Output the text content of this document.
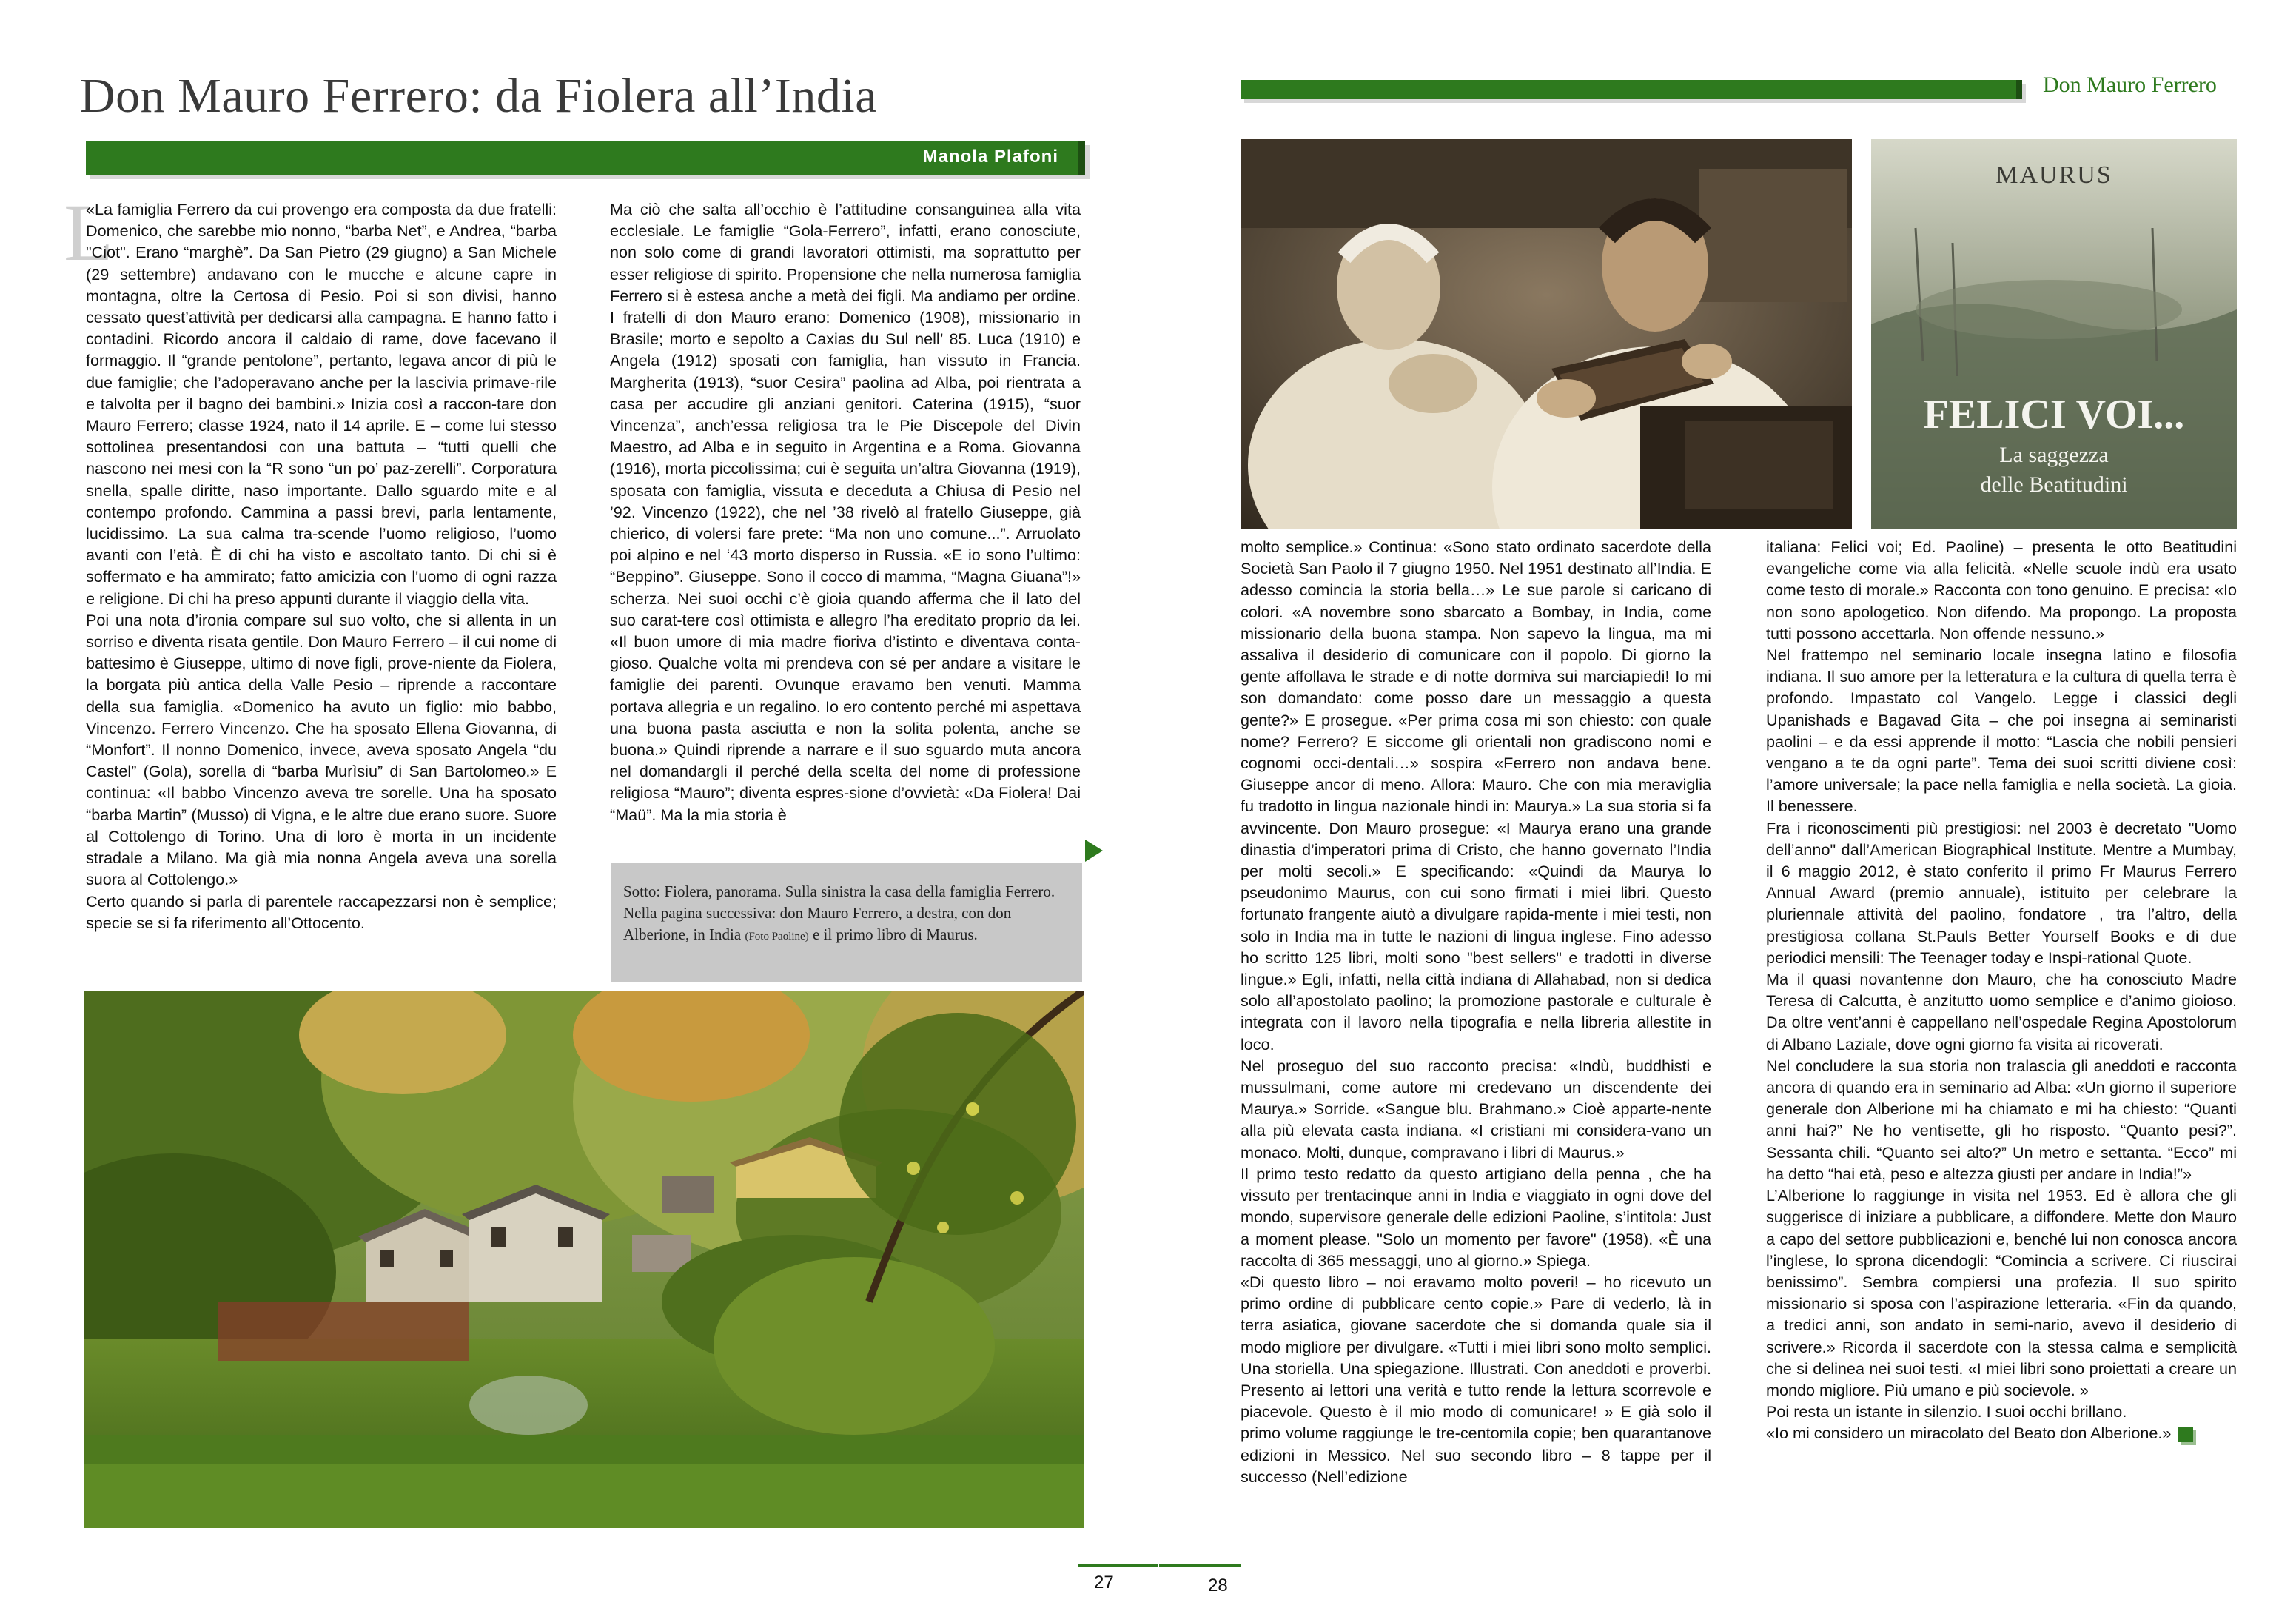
Don Mauro Ferrero: da Fiolera all’India
Manola Plafoni
L

«La famiglia Ferrero da cui provengo era composta da due fratelli: Domenico, che sarebbe mio nonno, “barba Net”, e Andrea, “barba "Ciot". Erano “marghè”. Da San Pietro (29 giugno) a San Michele (29 settembre) andavano con le mucche e alcune capre in montagna, oltre la Certosa di Pesio. Poi si son divisi, hanno cessato quest’attività per dedicarsi alla campagna. E hanno fatto i contadini. Ricordo ancora il caldaio di rame, dove facevano il formaggio. Il “grande pentolone”, pertanto, legava ancor di più le due famiglie; che l’adoperavano anche per la lascivia primave-rile e talvolta per il bagno dei bambini.» Inizia così a raccon-tare don Mauro Ferrero; classe 1924, nato il 14 aprile. E – come lui stesso sottolinea presentandosi con una battuta – “tutti quelli che nascono nei mesi con la “R sono “un po’ paz-zerelli”. Corporatura snella, spalle diritte, naso importante. Dallo sguardo mite e al contempo profondo. Cammina a passi brevi, parla lentamente, lucidissimo. La sua calma tra-scende l’uomo religioso, l’uomo avanti con l’età. È di chi ha visto e ascoltato tanto. Di chi si è soffermato e ha ammirato; fatto amicizia con l'uomo di ogni razza e religione. Di chi ha preso appunti durante il viaggio della vita.

Poi una nota d’ironia compare sul suo volto, che si allenta in un sorriso e diventa risata gentile. Don Mauro Ferrero – il cui nome di battesimo è Giuseppe, ultimo di nove figli, prove-niente da Fiolera, la borgata più antica della Valle Pesio – riprende a raccontare della sua famiglia. «Domenico ha avuto un figlio: mio babbo, Vincenzo. Ferrero Vincenzo. Che ha sposato Ellena Giovanna, di “Monfort”. Il nonno Domenico, invece, aveva sposato Angela “du Castel” (Gola), sorella di “barba Murìsiu” di San Bartolomeo.» E continua: «Il babbo Vincenzo aveva tre sorelle. Una ha sposato “barba Martin” (Musso) di Vigna, e le altre due erano suore. Suore al Cottolengo di Torino. Una di loro è morta in un incidente stradale a Milano. Ma già mia nonna Angela aveva una sorella suora al Cottolengo.»

Certo quando si parla di parentele raccapezzarsi non è semplice; specie se si fa riferimento all’Ottocento.

Ma ciò che salta all’occhio è l’attitudine consanguinea alla vita ecclesiale. Le famiglie “Gola-Ferrero”, infatti, erano conosciute, non solo come di grandi lavoratori ottimisti, ma soprattutto per esser religiose di spirito. Propensione che nella numerosa famiglia Ferrero si è estesa anche a metà dei figli. Ma andiamo per ordine. I fratelli di don Mauro erano: Domenico (1908), missionario in Brasile; morto e sepolto a Caxias du Sul nell’ 85. Luca (1910) e Angela (1912) sposati con famiglia, han vissuto in Francia. Margherita (1913), “suor Cesira” paolina ad Alba, poi rientrata a casa per accudire gli anziani genitori. Caterina (1915), “suor Vincenza”, anch’essa religiosa tra le Pie Discepole del Divin Maestro, ad Alba e in seguito in Argentina e a Roma. Giovanna (1916), morta piccolissima; cui è seguita un’altra Giovanna (1919), sposata con famiglia, vissuta e deceduta a Chiusa di Pesio nel ’92. Vincenzo (1922), che nel ’38 rivelò al fratello Giuseppe, già chierico, di volersi fare prete: “Ma non uno comune...”. Arruolato poi alpino e nel ‘43 morto disperso in Russia. «E io sono l’ultimo: “Beppino”. Giuseppe. Sono il cocco di mamma, “Magna Giuana”!» scherza. Nei suoi occhi c’è gioia quando afferma che il lato del suo carat-tere così ottimista e allegro l’ha ereditato proprio da lei. «Il buon umore di mia madre fioriva d’istinto e diventava conta-gioso. Qualche volta mi prendeva con sé per andare a visitare le famiglie dei parenti. Ovunque eravamo ben venuti. Mamma portava allegria e un regalino. Io ero contento perché mi aspettava una buona pasta asciutta e non la solita polenta, anche se buona.» Quindi riprende a narrare e il suo sguardo muta ancora nel domandargli il perché della scelta del nome di professione religiosa “Mauro”; diventa espres-sione d’ovvietà: «Da Fiolera! Dai “Maü”. Ma la mia storia è

Sotto: Fiolera, panorama. Sulla sinistra la casa della famiglia Ferrero.
Nella pagina successiva: don Mauro Ferrero, a destra, con don Alberione, in India (Foto Paoline) e il primo libro di Maurus.
27
Don Mauro Ferrero
MAURUS
FELICI VOI...
La saggezza
delle Beatitudini

molto semplice.» Continua: «Sono stato ordinato sacerdote della Società San Paolo il 7 giugno 1950. Nel 1951 destinato all’India. E adesso comincia la storia bella…» Le sue parole si caricano di colori. «A novembre sono sbarcato a Bombay, in India, come missionario della buona stampa. Non sapevo la lingua, ma mi assaliva il desiderio di comunicare con il popolo. Di giorno la gente affollava le strade e di notte dormiva sui marciapiedi! Io mi son domandato: come posso dare un messaggio a questa gente?» E prosegue. «Per prima cosa mi son chiesto: con quale nome? Ferrero? E siccome gli orientali non gradiscono nomi e cognomi occi-dentali…» sospira «Ferrero non andava bene. Giuseppe ancor di meno. Allora: Mauro. Che con mia meraviglia fu tradotto in lingua nazionale hindi in: Maurya.» La sua storia si fa avvincente. Don Mauro prosegue: «I Maurya erano una grande dinastia d’imperatori prima di Cristo, che hanno governato l’India per molti secoli.» E specificando: «Quindi da Maurya lo pseudonimo Maurus, con cui sono firmati i miei libri. Questo fortunato frangente aiutò a divulgare rapida-mente i miei testi, non solo in India ma in tutte le nazioni di lingua inglese. Fino adesso ho scritto 125 libri, molti sono "best sellers" e tradotti in diverse lingue.» Egli, infatti, nella città indiana di Allahabad, non si dedica solo all’apostolato paolino; la promozione pastorale e culturale è integrata con il lavoro nella tipografia e nella libreria allestite in loco.

Nel proseguo del suo racconto precisa: «Indù, buddhisti e mussulmani, come autore mi credevano un discendente dei Maurya.» Sorride. «Sangue blu. Brahmano.» Cioè apparte-nente alla più elevata casta indiana. «I cristiani mi considera-vano un monaco. Molti, dunque, compravano i libri di Maurus.»

Il primo testo redatto da questo artigiano della penna , che ha vissuto per trentacinque anni in India e viaggiato in ogni dove del mondo, supervisore generale delle edizioni Paoline, s’intitola: Just a moment please. "Solo un momento per favore" (1958). «È una raccolta di 365 messaggi, uno al giorno.» Spiega.

«Di questo libro – noi eravamo molto poveri! – ho ricevuto un primo ordine di pubblicare cento copie.» Pare di vederlo, là in terra asiatica, giovane sacerdote che si domanda quale sia il modo migliore per divulgare. «Tutti i miei libri sono molto semplici. Una storiella. Una spiegazione. Illustrati. Con aneddoti e proverbi. Presento ai lettori una verità e tutto rende la lettura scorrevole e piacevole. Questo è il mio modo di comunicare! » E già solo il primo volume raggiunge le tre-centomila copie; ben quarantanove edizioni in Messico. Nel suo secondo libro – 8 tappe per il successo (Nell’edizione

italiana: Felici voi; Ed. Paoline) – presenta le otto Beatitudini evangeliche come via alla felicità. «Nelle scuole indù era usato come testo di morale.» Racconta con tono genuino. E precisa: «Io non sono apologetico. Non difendo. Ma propongo. La proposta tutti possono accettarla. Non offende nessuno.»

Nel frattempo nel seminario locale insegna latino e filosofia indiana. Il suo amore per la letteratura e la cultura di quella terra è profondo. Impastato col Vangelo. Legge i classici degli Upanishads e Bagavad Gita – che poi insegna ai seminaristi paolini – e da essi apprende il motto: “Lascia che nobili pensieri vengano a te da ogni parte”. Tema dei suoi scritti diviene così: l’amore universale; la pace nella famiglia e nella società. La gioia. Il benessere.

Fra i riconoscimenti più prestigiosi: nel 2003 è decretato "Uomo dell’anno" dall’American Biographical Institute. Mentre a Mumbay, il 6 maggio 2012, è stato conferito il primo Fr Maurus Ferrero Annual Award (premio annuale), istituito per celebrare la pluriennale attività del paolino, fondatore , tra l’altro, della prestigiosa collana St.Pauls Better Yourself Books e di due periodici mensili: The Teenager today e Inspi-rational Quote.

Ma il quasi novantenne don Mauro, che ha conosciuto Madre Teresa di Calcutta, è anzitutto uomo semplice e d’animo gioioso. Da oltre vent’anni è cappellano nell’ospedale Regina Apostolorum di Albano Laziale, dove ogni giorno fa visita ai ricoverati.

Nel concludere la sua storia non tralascia gli aneddoti e racconta ancora di quando era in seminario ad Alba: «Un giorno il superiore generale don Alberione mi ha chiamato e mi ha chiesto: “Quanti anni hai?” Ne ho ventisette, gli ho risposto. “Quanto pesi?”. Sessanta chili. “Quanto sei alto?” Un metro e settanta. “Ecco” mi ha detto “hai età, peso e altezza giusti per andare in India!”»

L’Alberione lo raggiunge in visita nel 1953. Ed è allora che gli suggerisce di iniziare a pubblicare, a diffondere. Mette don Mauro a capo del settore pubblicazioni e, benché lui non conosca ancora l’inglese, lo sprona dicendogli: “Comincia a scrivere. Ci riuscirai benissimo”. Sembra compiersi una profezia. Il suo spirito missionario si sposa con l’aspirazione letteraria. «Fin da quando, a tredici anni, son andato in semi-nario, avevo il desiderio di scrivere.» Ricorda il sacerdote con la stessa calma e semplicità che si delinea nei suoi testi. «I miei libri sono proiettati a creare un mondo migliore. Più umano e più socievole. »

Poi resta un istante in silenzio. I suoi occhi brillano.

«Io mi considero un miracolato del Beato don Alberione.»

28
